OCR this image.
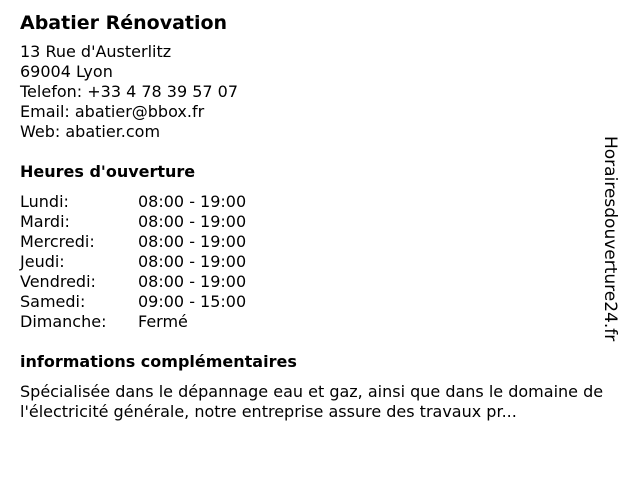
Abatier Rénovation
13 Rue d'Austerlitz
69004 Lyon
Telefon: +33 4 78 39 57 07
Email: abatier@bbox.fr
Web: abatier.com
Heures d'ouverture
Lundi:	08:00 - 19:00
Mardi:	08:00 - 19:00
Mercredi:	08:00 - 19:00
Jeudi:	08:00 - 19:00
Vendredi:	08:00 - 19:00
Samedi:	09:00 - 15:00
Dimanche:	Fermé
informations complémentaires
Spécialisée dans le dépannage eau et gaz, ainsi que dans le domaine de l'électricité générale, notre entreprise assure des travaux pr...
Horairesdouverture24.fr
